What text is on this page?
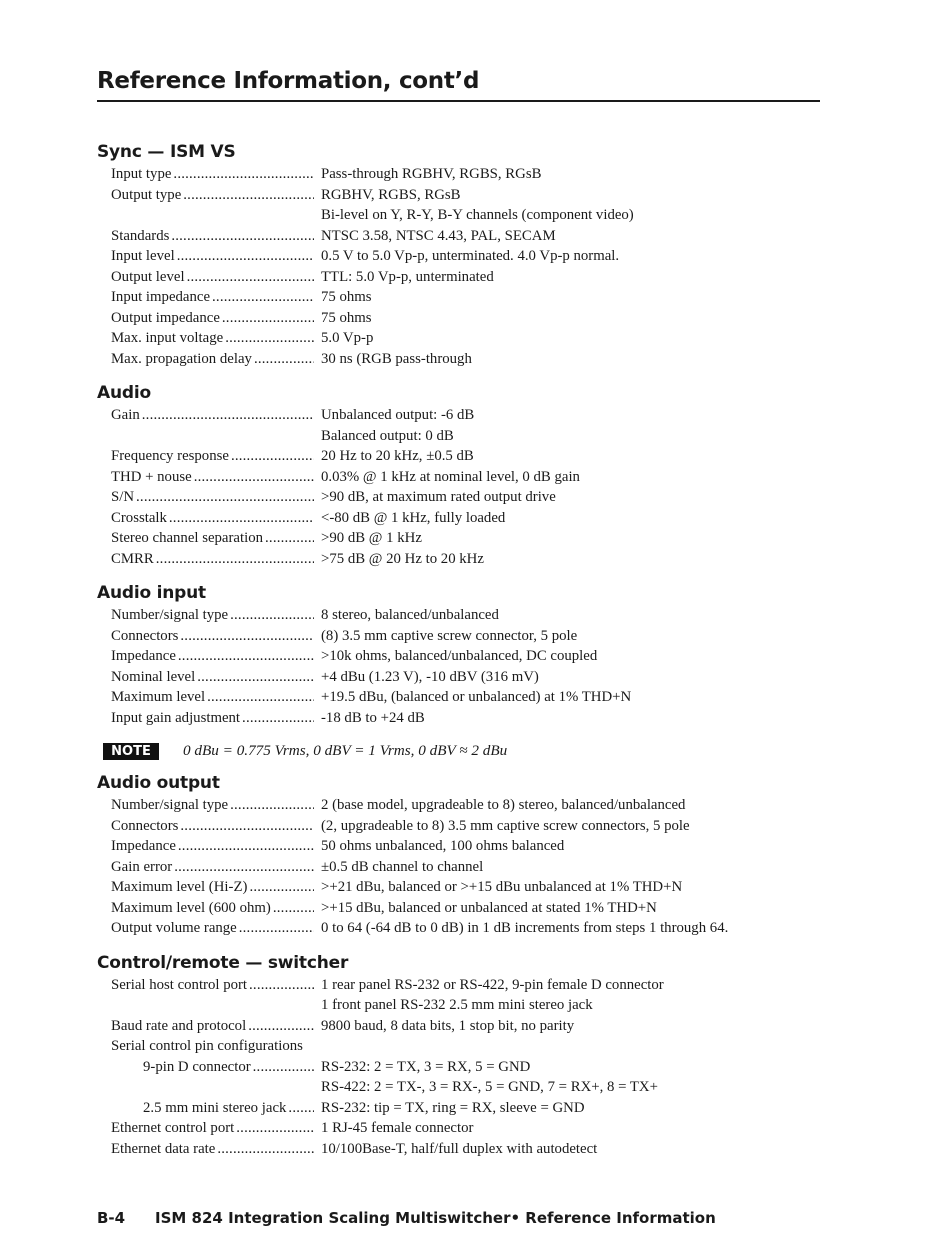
Reference Information, cont’d
Sync — ISM VS
Input type .....	Pass-through RGBHV, RGBS, RGsB
Output type .....	RGBHV, RGBS, RGsB
Bi-level on Y, R-Y, B-Y channels (component video)
Standards .....	NTSC 3.58, NTSC 4.43, PAL, SECAM
Input level .....	0.5 V to 5.0 Vp-p, unterminated. 4.0 Vp-p normal.
Output level .....	TTL: 5.0 Vp-p, unterminated
Input impedance .....	75 ohms
Output impedance .....	75 ohms
Max. input voltage .....	5.0 Vp-p
Max. propagation delay .....	30 ns (RGB pass-through
Audio
Gain .....	Unbalanced output: -6 dB
Balanced output: 0 dB
Frequency response .....	20 Hz to 20 kHz, ±0.5 dB
THD + nouse .....	0.03% @ 1 kHz at nominal level, 0 dB gain
S/N .....	>90 dB, at maximum rated output drive
Crosstalk .....	<-80 dB @ 1 kHz, fully loaded
Stereo channel separation .....	>90 dB @ 1 kHz
CMRR .....	>75 dB @ 20 Hz to 20 kHz
Audio input
Number/signal type .....	8 stereo, balanced/unbalanced
Connectors .....	(8) 3.5 mm captive screw connector, 5 pole
Impedance .....	>10k ohms, balanced/unbalanced, DC coupled
Nominal level .....	+4 dBu (1.23 V), -10 dBV (316 mV)
Maximum level .....	+19.5 dBu, (balanced or unbalanced) at 1% THD+N
Input gain adjustment .....	-18 dB to +24 dB
NOTE	0 dBu = 0.775 Vrms, 0 dBV = 1 Vrms, 0 dBV ≈ 2 dBu
Audio output
Number/signal type .....	2 (base model, upgradeable to 8) stereo, balanced/unbalanced
Connectors .....	(2, upgradeable to 8) 3.5 mm captive screw connectors, 5 pole
Impedance .....	50 ohms unbalanced, 100 ohms balanced
Gain error .....	±0.5 dB channel to channel
Maximum level (Hi-Z) .....	>+21 dBu, balanced or >+15 dBu unbalanced at 1% THD+N
Maximum level (600 ohm) .....	>+15 dBu, balanced or unbalanced at stated 1% THD+N
Output volume range .....	0 to 64 (-64 dB to 0 dB) in 1 dB increments from steps 1 through 64.
Control/remote — switcher
Serial host control port .....	1 rear panel RS-232 or RS-422, 9-pin female D connector
1 front panel RS-232 2.5 mm mini stereo jack
Baud rate and protocol .....	9800 baud, 8 data bits, 1 stop bit, no parity
Serial control pin configurations
9-pin D connector .....	RS-232: 2 = TX, 3 = RX, 5 = GND
RS-422: 2 = TX-, 3 = RX-, 5 = GND, 7 = RX+, 8 = TX+
2.5 mm mini stereo jack ..... RS-232: tip = TX, ring = RX, sleeve = GND
Ethernet control port .....	1 RJ-45 female connector
Ethernet data rate .....	10/100Base-T, half/full duplex with autodetect
B-4 ISM 824 Integration Scaling Multiswitcher• Reference Information
